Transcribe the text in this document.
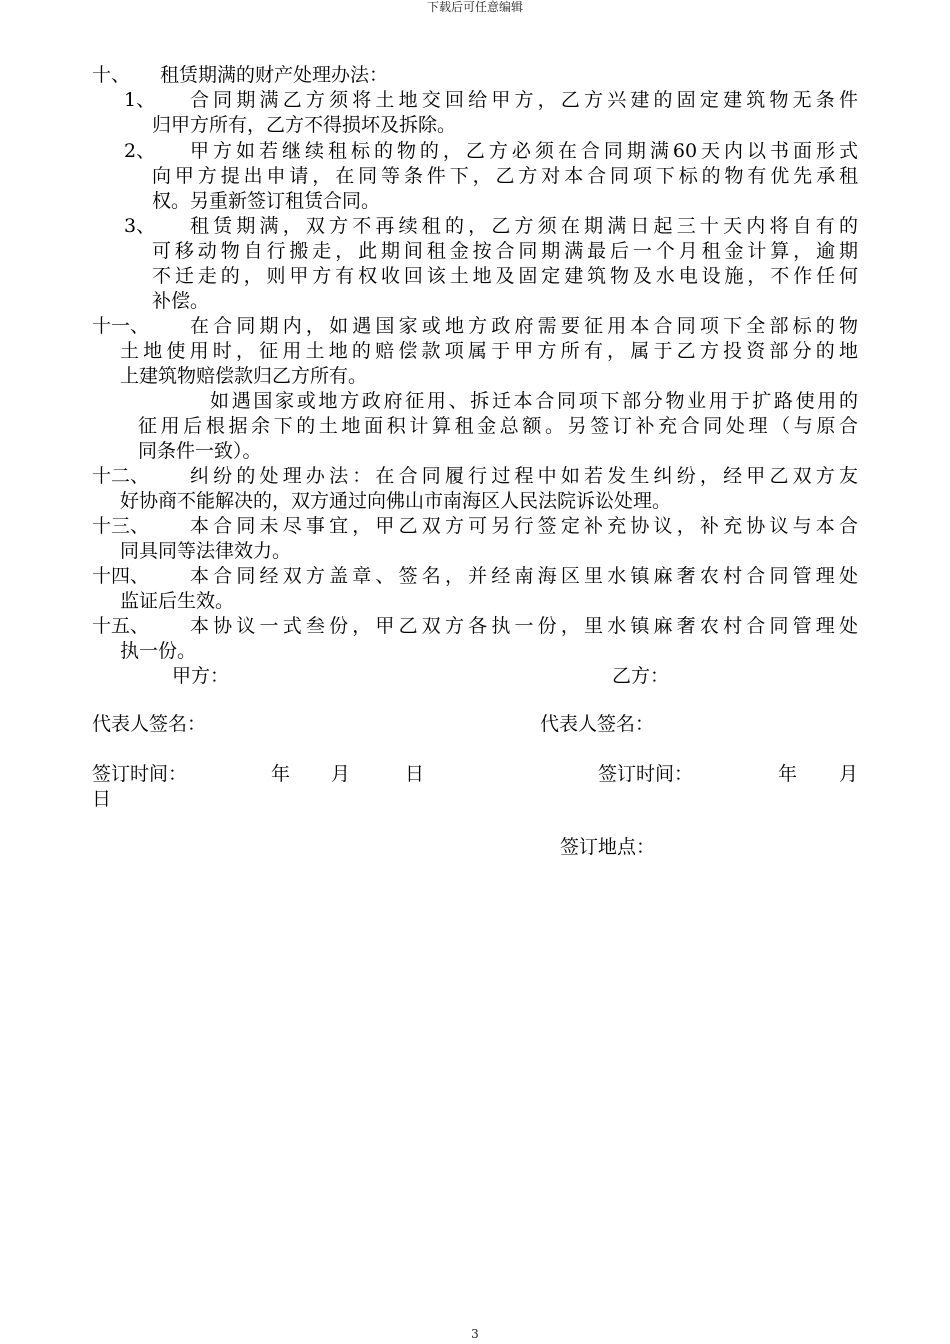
下载后可任意编辑
十、 租赁期满的财产处理办法：
1、 合同期满乙方须将土地交回给甲方，乙方兴建的固定建筑物无条件
归甲方所有，乙方不得损坏及拆除。
2、 甲方如若继续租标的物的，乙方必须在合同期满60天内以书面形式
向甲方提出申请，在同等条件下，乙方对本合同项下标的物有优先承租
权。另重新签订租赁合同。
3、 租赁期满，双方不再续租的，乙方须在期满日起三十天内将自有的
可移动物自行搬走，此期间租金按合同期满最后一个月租金计算，逾期
不迁走的，则甲方有权收回该土地及固定建筑物及水电设施，不作任何
补偿。
十一、 在合同期内，如遇国家或地方政府需要征用本合同项下全部标的物
土地使用时，征用土地的赔偿款项属于甲方所有，属于乙方投资部分的地
上建筑物赔偿款归乙方所有。
如遇国家或地方政府征用、拆迁本合同项下部分物业用于扩路使用的
征用后根据余下的土地面积计算租金总额。另签订补充合同处理（与原合
同条件一致）。
十二、 纠纷的处理办法：在合同履行过程中如若发生纠纷，经甲乙双方友
好协商不能解决的，双方通过向佛山市南海区人民法院诉讼处理。
十三、 本合同未尽事宜，甲乙双方可另行签定补充协议，补充协议与本合
同具同等法律效力。
十四、 本合同经双方盖章、签名，并经南海区里水镇麻奢农村合同管理处
监证后生效。
十五、 本协议一式叁份，甲乙双方各执一份，里水镇麻奢农村合同管理处
执一份。
甲方：	乙方：
代表人签名：	代表人签名：
签订时间：	年 月	日	签订时间：	年 月
日
签订地点：
3
